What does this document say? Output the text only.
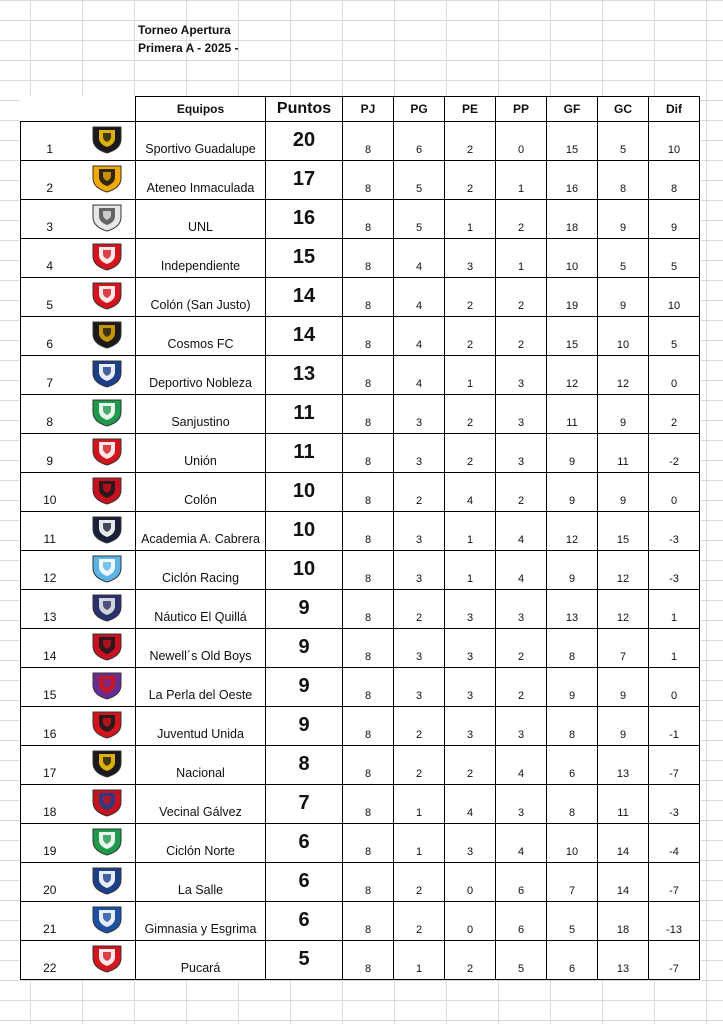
Torneo Apertura
Primera A - 2025 -
		Equipos	Puntos	PJ	PG	PE	PP	GF	GC	Dif
1		Sportivo Guadalupe	20	8	6	2	0	15	5	10
2		Ateneo Inmaculada	17	8	5	2	1	16	8	8
3		UNL	16	8	5	1	2	18	9	9
4		Independiente	15	8	4	3	1	10	5	5
5		Colón (San Justo)	14	8	4	2	2	19	9	10
6		Cosmos FC	14	8	4	2	2	15	10	5
7		Deportivo Nobleza	13	8	4	1	3	12	12	0
8		Sanjustino	11	8	3	2	3	11	9	2
9		Unión	11	8	3	2	3	9	11	-2
10		Colón	10	8	2	4	2	9	9	0
11		Academia A. Cabrera	10	8	3	1	4	12	15	-3
12		Ciclón Racing	10	8	3	1	4	9	12	-3
13		Náutico El Quillá	9	8	2	3	3	13	12	1
14		Newell´s Old Boys	9	8	3	3	2	8	7	1
15		La Perla del Oeste	9	8	3	3	2	9	9	0
16		Juventud Unida	9	8	2	3	3	8	9	-1
17		Nacional	8	8	2	2	4	6	13	-7
18		Vecinal Gálvez	7	8	1	4	3	8	11	-3
19		Ciclón Norte	6	8	1	3	4	10	14	-4
20		La Salle	6	8	2	0	6	7	14	-7
21		Gimnasia y Esgrima	6	8	2	0	6	5	18	-13
22		Pucará	5	8	1	2	5	6	13	-7
